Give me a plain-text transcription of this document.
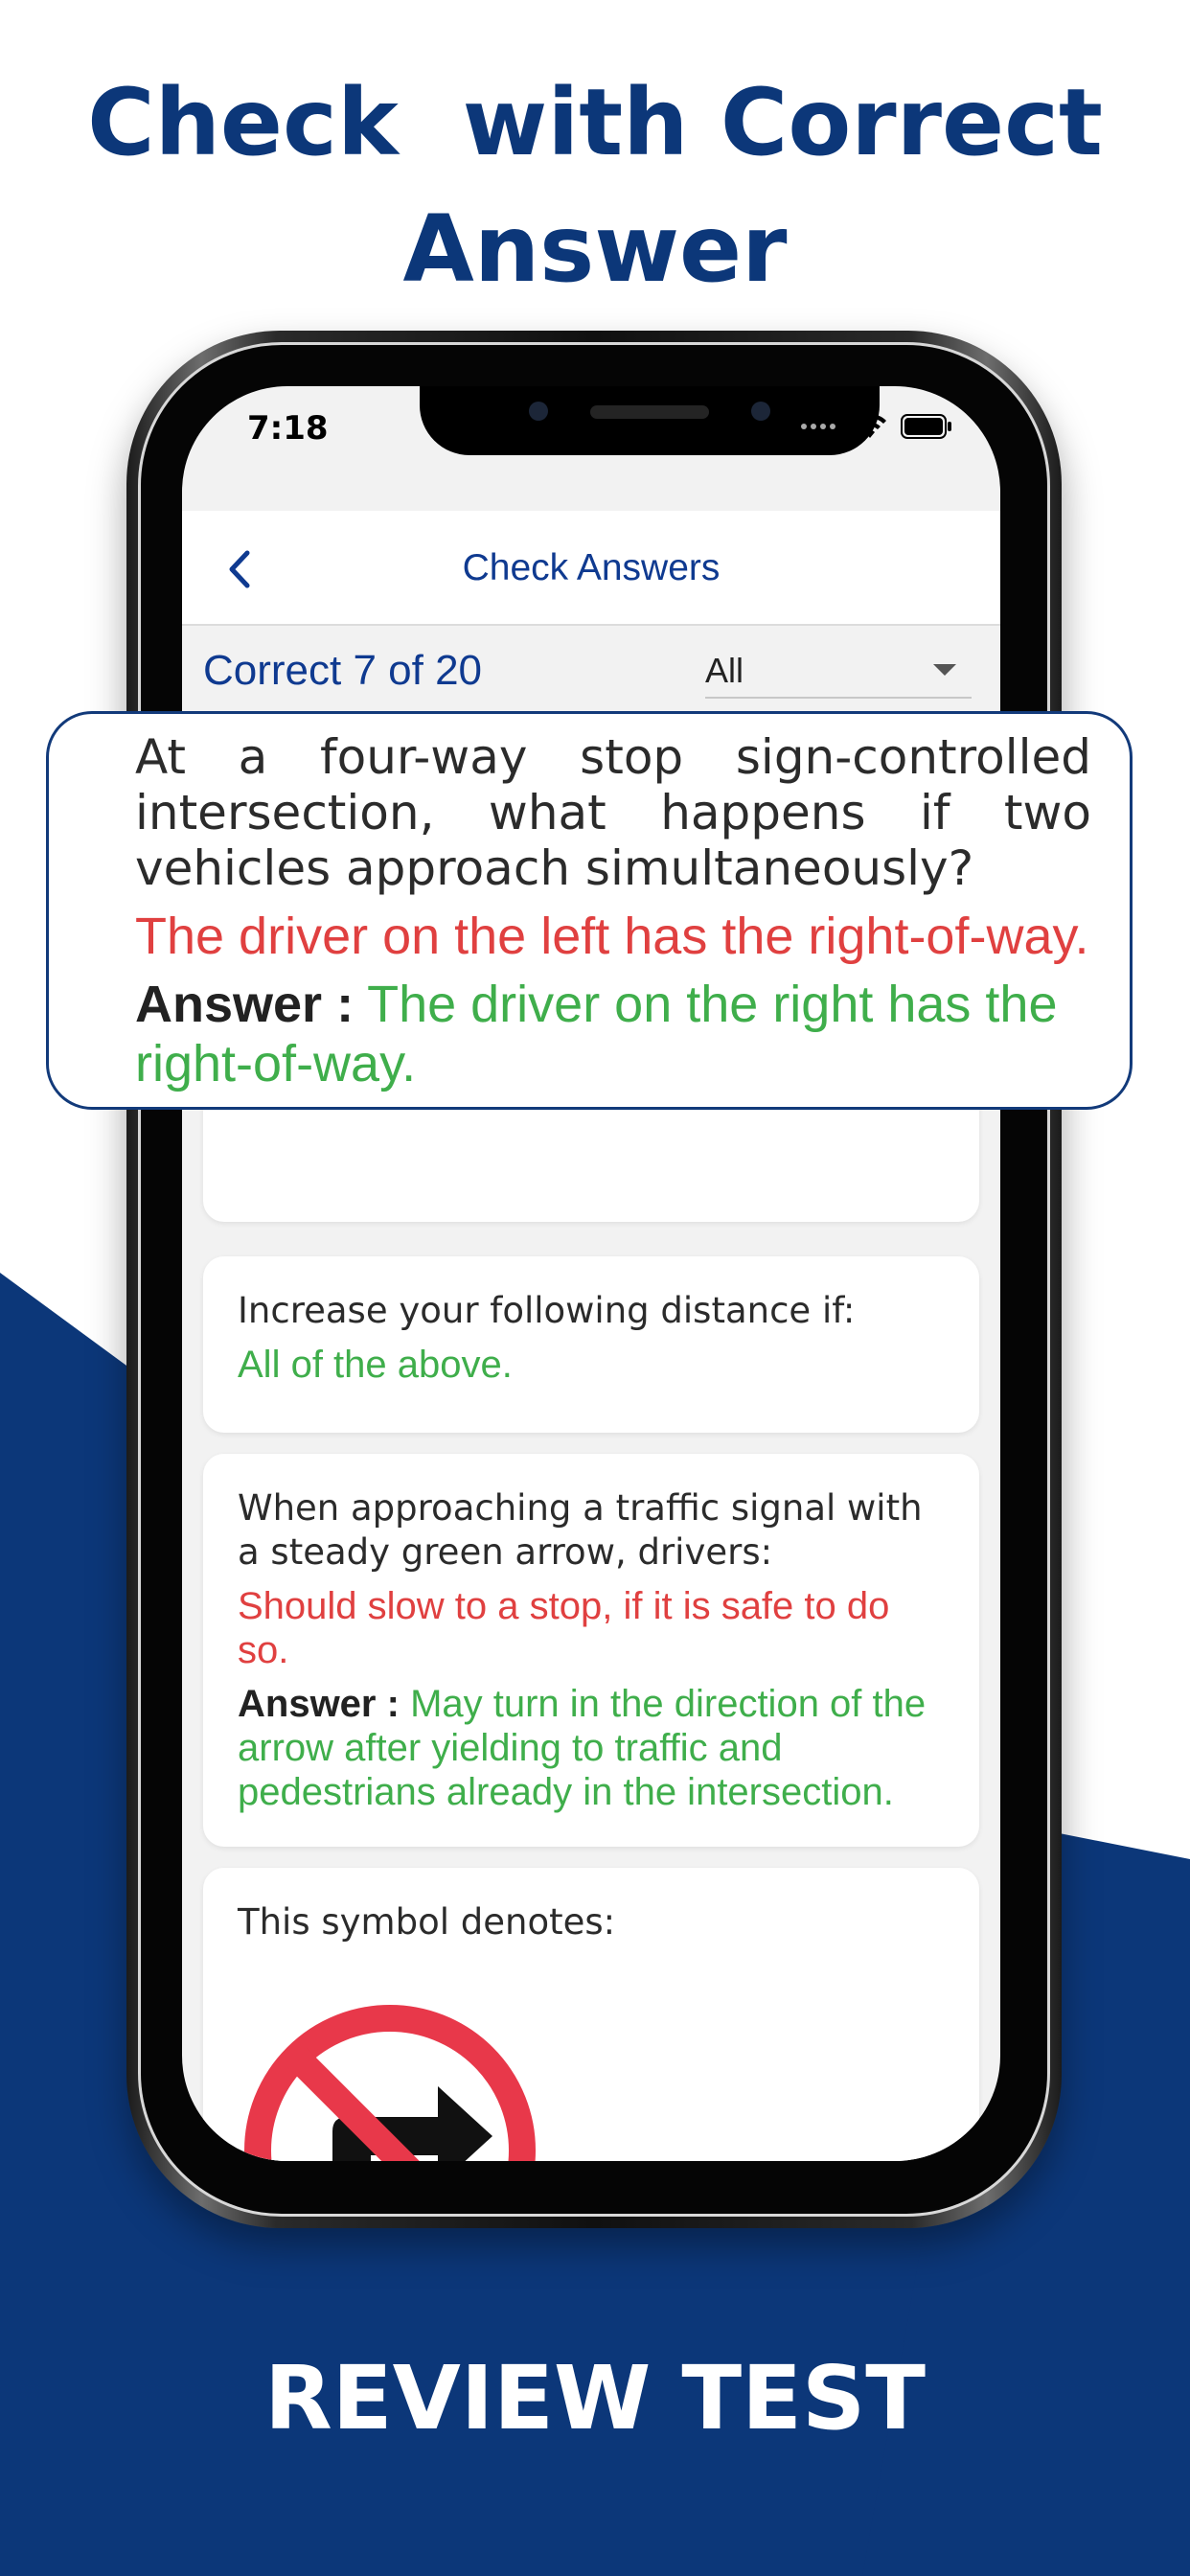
Check  with Correct
Answer
7:18
Check Answers
Correct 7 of 20	All
Increase your following distance if:
All of the above.
When approaching a traffic signal with a steady green arrow, drivers:
Should slow to a stop, if it is safe to do so.
Answer : May turn in the direction of the arrow after yielding to traffic and pedestrians already in the intersection.
This symbol denotes:
At a four-way stop sign-controlled intersection, what happens if two vehicles approach simultaneously?
The driver on the left has the right-of-way.
Answer : The driver on the right has the right-of-way.
REVIEW TEST
